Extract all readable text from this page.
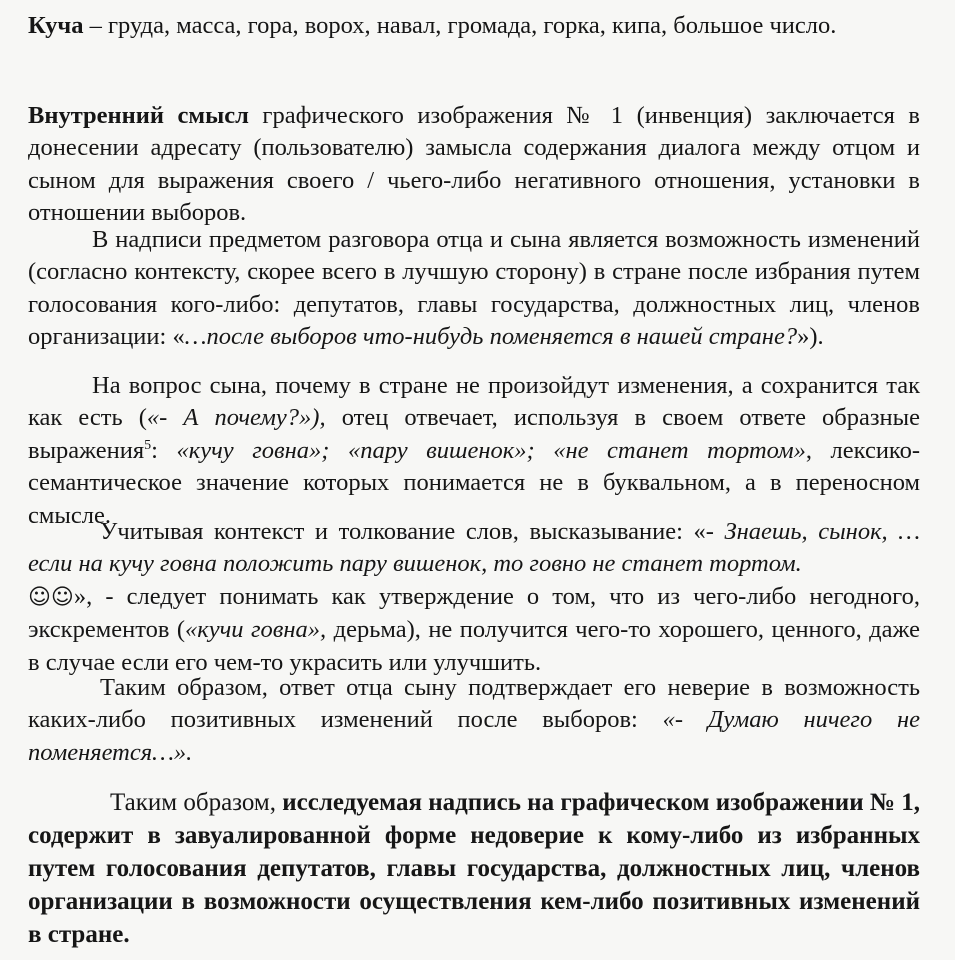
Куча – груда, масса, гора, ворох, навал, громада, горка, кипа, большое число.

Внутренний смысл графического изображения № 1 (инвенция) заключается в донесении адресату (пользователю) замысла содержания диалога между отцом и сыном для выражения своего / чьего-либо негативного отношения, установки в отношении выборов.

В надписи предметом разговора отца и сына является возможность изменений (согласно контексту, скорее всего в лучшую сторону) в стране после избрания путем голосования кого-либо: депутатов, главы государства, должностных лиц, членов организации: «…после выборов что-нибудь поменяется в нашей стране?»).

На вопрос сына, почему в стране не произойдут изменения, а сохранится так как есть («- А почему?»), отец отвечает, используя в своем ответе образные выражения$^5$: «кучу говна»; «пару вишенок»; «не станет тортом», лексико-семантическое значение которых понимается не в буквальном, а в переносном смысле.

Учитывая контекст и толкование слов, высказывание: «- Знаешь, сынок, … если на кучу говна положить пару вишенок, то говно не станет тортом.
☺☺», - следует понимать как утверждение о том, что из чего-либо негодного, экскрементов («кучи говна», дерьма), не получится чего-то хорошего, ценного, даже в случае если его чем-то украсить или улучшить.

Таким образом, ответ отца сыну подтверждает его неверие в возможность каких-либо позитивных изменений после выборов: «- Думаю ничего не поменяется…».

Таким образом, исследуемая надпись на графическом изображении № 1, содержит в завуалированной форме недоверие к кому-либо из избранных путем голосования депутатов, главы государства, должностных лиц, членов организации в возможности осуществления кем-либо позитивных изменений в стране.
